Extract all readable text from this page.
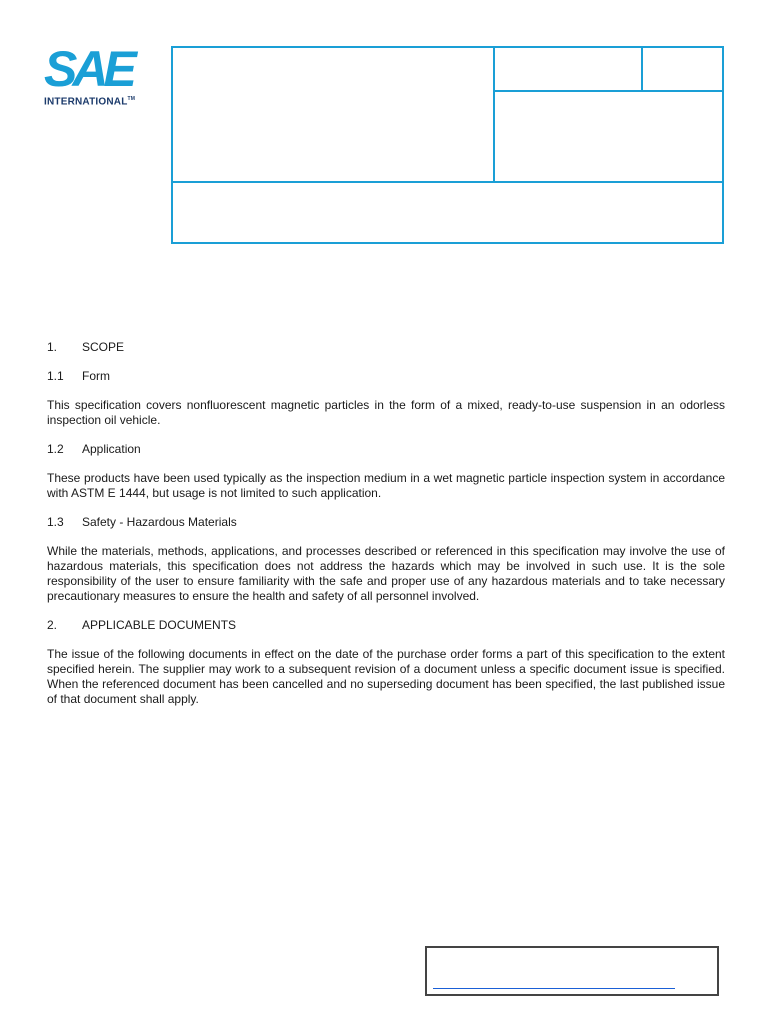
SAE
INTERNATIONAL™
1. SCOPE
1.1 Form

This specification covers nonfluorescent magnetic particles in the form of a mixed, ready-to-use suspension in an odorless inspection oil vehicle.

1.2 Application

These products have been used typically as the inspection medium in a wet magnetic particle inspection system in accordance with ASTM E 1444, but usage is not limited to such application.

1.3 Safety - Hazardous Materials

While the materials, methods, applications, and processes described or referenced in this specification may involve the use of hazardous materials, this specification does not address the hazards which may be involved in such use. It is the sole responsibility of the user to ensure familiarity with the safe and proper use of any hazardous materials and to take necessary precautionary measures to ensure the health and safety of all personnel involved.

2. APPLICABLE DOCUMENTS

The issue of the following documents in effect on the date of the purchase order forms a part of this specification to the extent specified herein. The supplier may work to a subsequent revision of a document unless a specific document issue is specified. When the referenced document has been cancelled and no superseding document has been specified, the last published issue of that document shall apply.
